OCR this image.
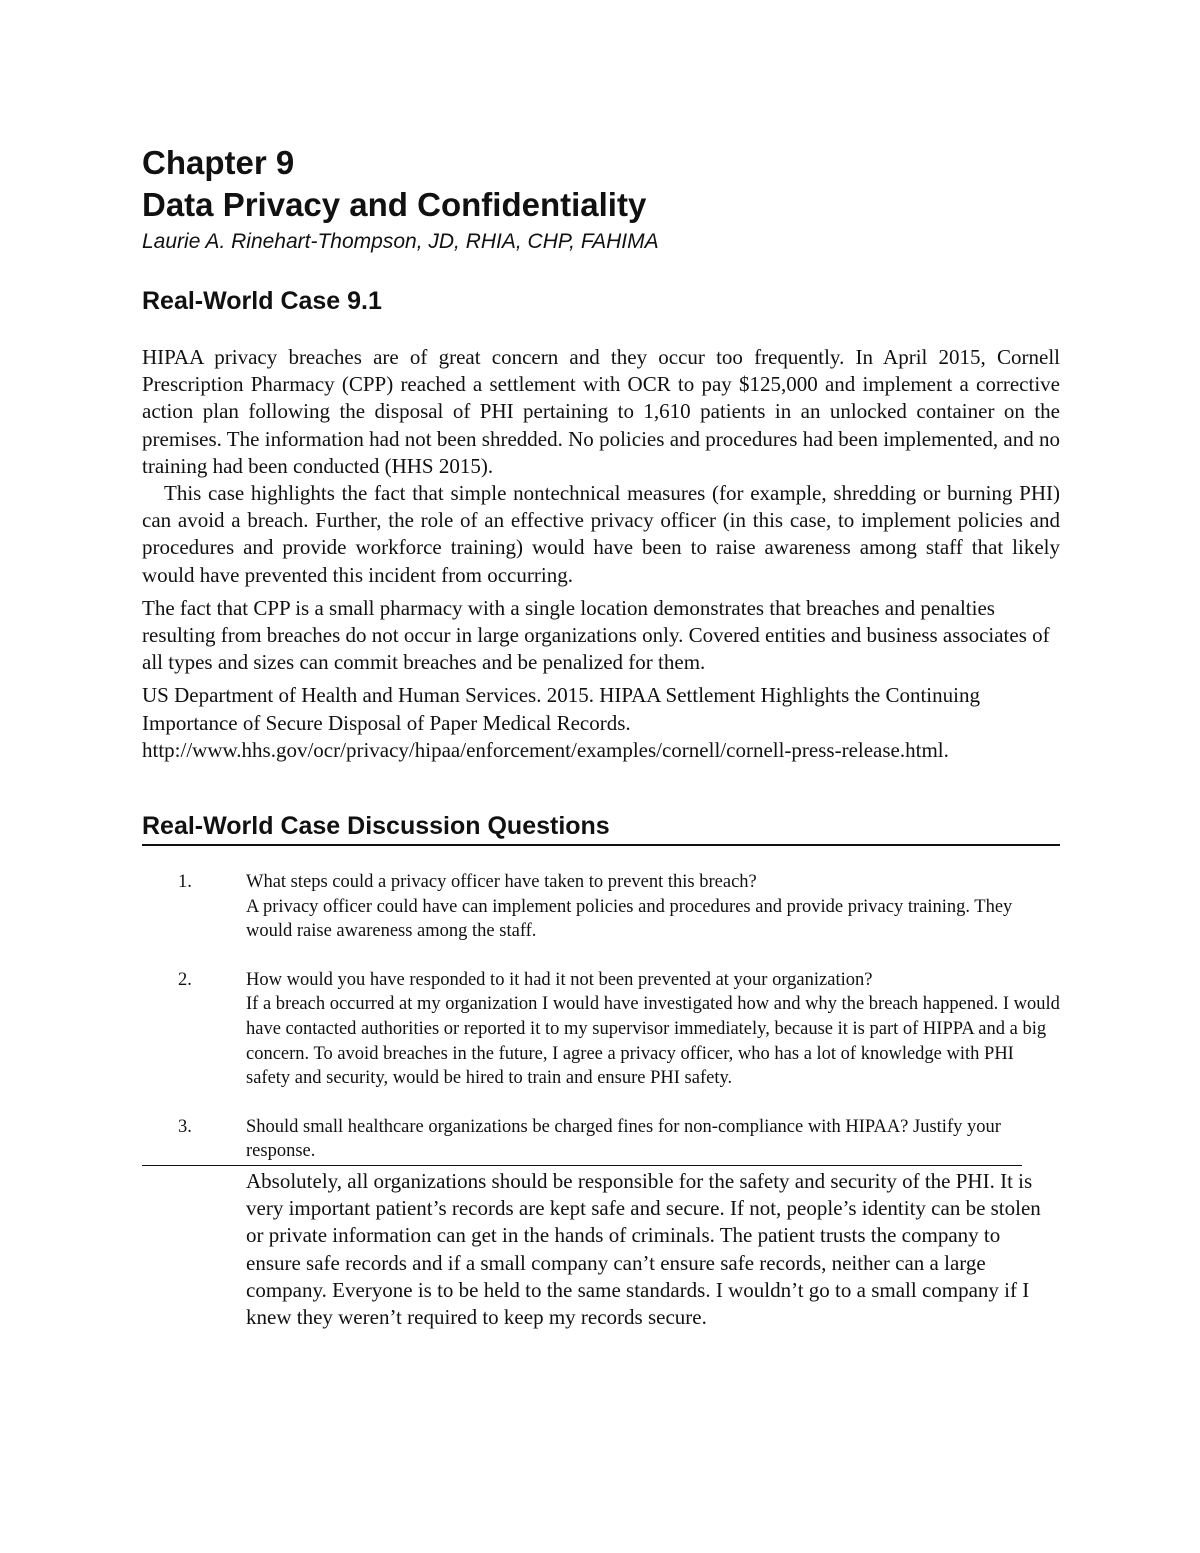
Chapter 9
Data Privacy and Confidentiality

Laurie A. Rinehart-Thompson, JD, RHIA, CHP, FAHIMA

Real-World Case 9.1

HIPAA privacy breaches are of great concern and they occur too frequently. In April 2015, Cornell Prescription Pharmacy (CPP) reached a settlement with OCR to pay $125,000 and implement a corrective action plan following the disposal of PHI pertaining to 1,610 patients in an unlocked container on the premises. The information had not been shredded. No policies and procedures had been implemented, and no training had been conducted (HHS 2015).

This case highlights the fact that simple nontechnical measures (for example, shredding or burning PHI) can avoid a breach. Further, the role of an effective privacy officer (in this case, to implement policies and procedures and provide workforce training) would have been to raise awareness among staff that likely would have prevented this incident from occurring.

The fact that CPP is a small pharmacy with a single location demonstrates that breaches and penalties resulting from breaches do not occur in large organizations only. Covered entities and business associates of all types and sizes can commit breaches and be penalized for them.

US Department of Health and Human Services. 2015. HIPAA Settlement Highlights the Continuing Importance of Secure Disposal of Paper Medical Records. http://www.hhs.gov/ocr/privacy/hipaa/enforcement/examples/cornell/cornell-press-release.html.

Real-World Case Discussion Questions
1.	What steps could a privacy officer have taken to prevent this breach?
A privacy officer could have can implement policies and procedures and provide privacy training. They would raise awareness among the staff.
2.	How would you have responded to it had it not been prevented at your organization?
If a breach occurred at my organization I would have investigated how and why the breach happened. I would have contacted authorities or reported it to my supervisor immediately, because it is part of HIPPA and a big concern. To avoid breaches in the future, I agree a privacy officer, who has a lot of knowledge with PHI safety and security, would be hired to train and ensure PHI safety.
3.	Should small healthcare organizations be charged fines for non-compliance with HIPAA? Justify your response.
Absolutely, all organizations should be responsible for the safety and security of the PHI. It is very important patient’s records are kept safe and secure. If not, people’s identity can be stolen or private information can get in the hands of criminals. The patient trusts the company to ensure safe records and if a small company can’t ensure safe records, neither can a large company. Everyone is to be held to the same standards. I wouldn’t go to a small company if I knew they weren’t required to keep my records secure.
